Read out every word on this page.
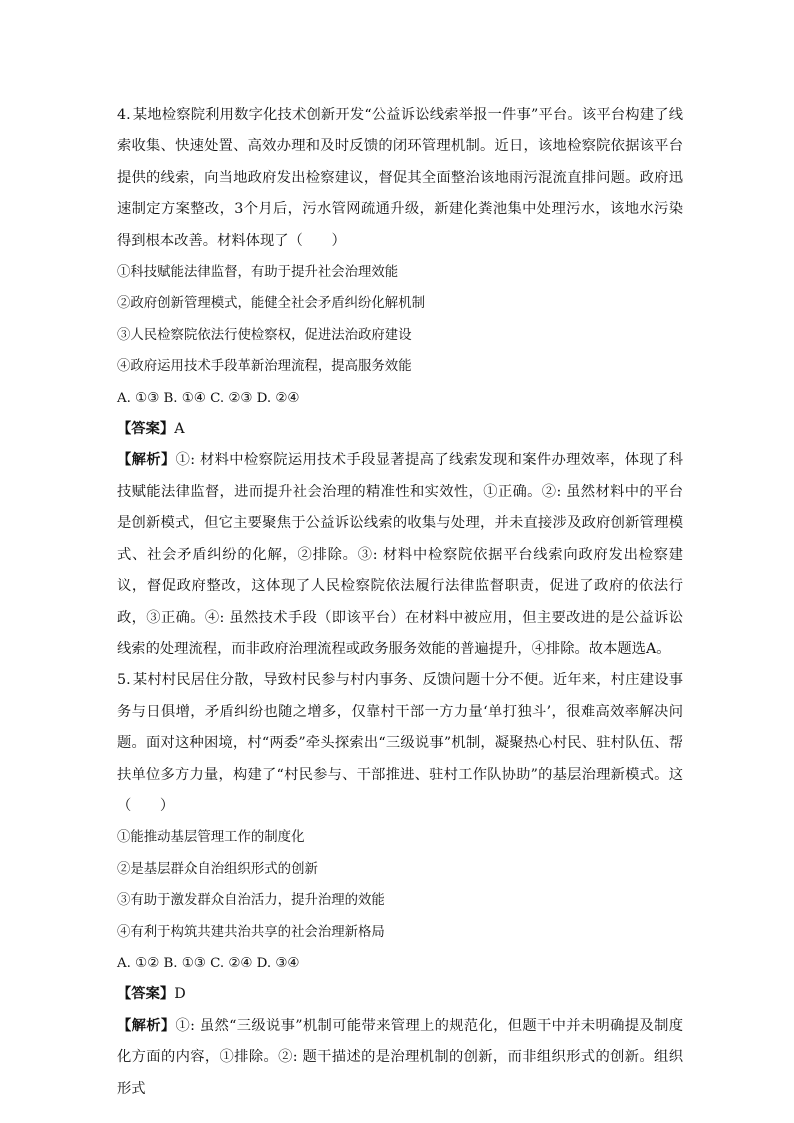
4. 某地检察院利用数字化技术创新开发“公益诉讼线索举报一件事”平台。该平台构建了线索收集、快速处置、高效办理和及时反馈的闭环管理机制。近日，该地检察院依据该平台提供的线索，向当地政府发出检察建议，督促其全面整治该地雨污混流直排问题。政府迅速制定方案整改，3个月后，污水管网疏通升级，新建化粪池集中处理污水，该地水污染得到根本改善。材料体现了（　　）

①科技赋能法律监督，有助于提升社会治理效能

②政府创新管理模式，能健全社会矛盾纠纷化解机制

③人民检察院依法行使检察权，促进法治政府建设

④政府运用技术手段革新治理流程，提高服务效能

A. ①③ B. ①④ C. ②③ D. ②④

【答案】A

【解析】①: 材料中检察院运用技术手段显著提高了线索发现和案件办理效率，体现了科技赋能法律监督，进而提升社会治理的精准性和实效性，①正确。②: 虽然材料中的平台是创新模式，但它主要聚焦于公益诉讼线索的收集与处理，并未直接涉及政府创新管理模式、社会矛盾纠纷的化解，②排除。③: 材料中检察院依据平台线索向政府发出检察建议，督促政府整改，这体现了人民检察院依法履行法律监督职责，促进了政府的依法行政，③正确。④: 虽然技术手段（即该平台）在材料中被应用，但主要改进的是公益诉讼线索的处理流程，而非政府治理流程或政务服务效能的普遍提升，④排除。故本题选A。

5. 某村村民居住分散，导致村民参与村内事务、反馈问题十分不便。近年来，村庄建设事务与日俱增，矛盾纠纷也随之增多，仅靠村干部一方力量‘单打独斗’，很难高效率解决问题。面对这种困境，村“两委”牵头探索出“三级说事”机制，凝聚热心村民、驻村队伍、帮扶单位多方力量，构建了“村民参与、干部推进、驻村工作队协助”的基层治理新模式。这（　　）

①能推动基层管理工作的制度化

②是基层群众自治组织形式的创新

③有助于激发群众自治活力，提升治理的效能

④有利于构筑共建共治共享的社会治理新格局

A. ①② B. ①③ C. ②④ D. ③④

【答案】D

【解析】①: 虽然“三级说事”机制可能带来管理上的规范化，但题干中并未明确提及制度化方面的内容，①排除。②: 题干描述的是治理机制的创新，而非组织形式的创新。组织形式
